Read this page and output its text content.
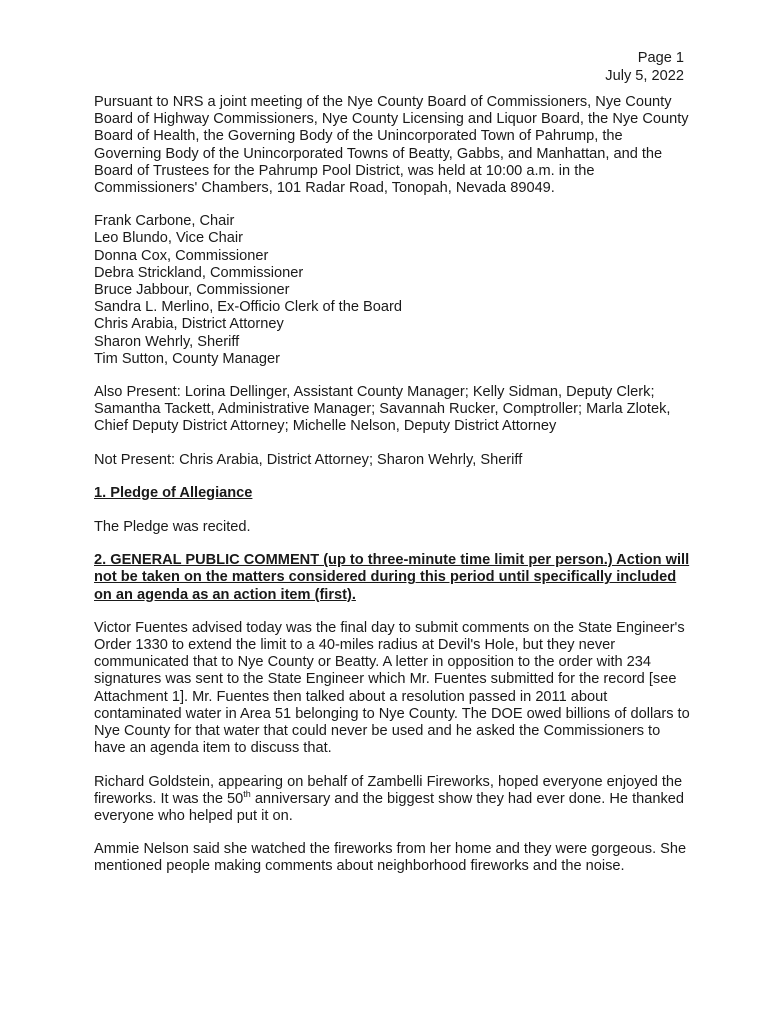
Page 1
July 5, 2022

Pursuant to NRS a joint meeting of the Nye County Board of Commissioners, Nye County Board of Highway Commissioners, Nye County Licensing and Liquor Board, the Nye County Board of Health, the Governing Body of the Unincorporated Town of Pahrump, the Governing Body of the Unincorporated Towns of Beatty, Gabbs, and Manhattan, and the Board of Trustees for the Pahrump Pool District, was held at 10:00 a.m. in the Commissioners' Chambers, 101 Radar Road, Tonopah, Nevada 89049.

Frank Carbone, Chair
Leo Blundo, Vice Chair
Donna Cox, Commissioner
Debra Strickland, Commissioner
Bruce Jabbour, Commissioner
Sandra L. Merlino, Ex-Officio Clerk of the Board
Chris Arabia, District Attorney
Sharon Wehrly, Sheriff
Tim Sutton, County Manager

Also Present: Lorina Dellinger, Assistant County Manager; Kelly Sidman, Deputy Clerk; Samantha Tackett, Administrative Manager; Savannah Rucker, Comptroller; Marla Zlotek, Chief Deputy District Attorney; Michelle Nelson, Deputy District Attorney

Not Present: Chris Arabia, District Attorney; Sharon Wehrly, Sheriff

1. Pledge of Allegiance

The Pledge was recited.

2. GENERAL PUBLIC COMMENT (up to three-minute time limit per person.) Action will not be taken on the matters considered during this period until specifically included on an agenda as an action item (first).

Victor Fuentes advised today was the final day to submit comments on the State Engineer's Order 1330 to extend the limit to a 40-miles radius at Devil's Hole, but they never communicated that to Nye County or Beatty. A letter in opposition to the order with 234 signatures was sent to the State Engineer which Mr. Fuentes submitted for the record [see Attachment 1]. Mr. Fuentes then talked about a resolution passed in 2011 about contaminated water in Area 51 belonging to Nye County. The DOE owed billions of dollars to Nye County for that water that could never be used and he asked the Commissioners to have an agenda item to discuss that.

Richard Goldstein, appearing on behalf of Zambelli Fireworks, hoped everyone enjoyed the fireworks. It was the 50th anniversary and the biggest show they had ever done. He thanked everyone who helped put it on.

Ammie Nelson said she watched the fireworks from her home and they were gorgeous. She mentioned people making comments about neighborhood fireworks and the noise.
